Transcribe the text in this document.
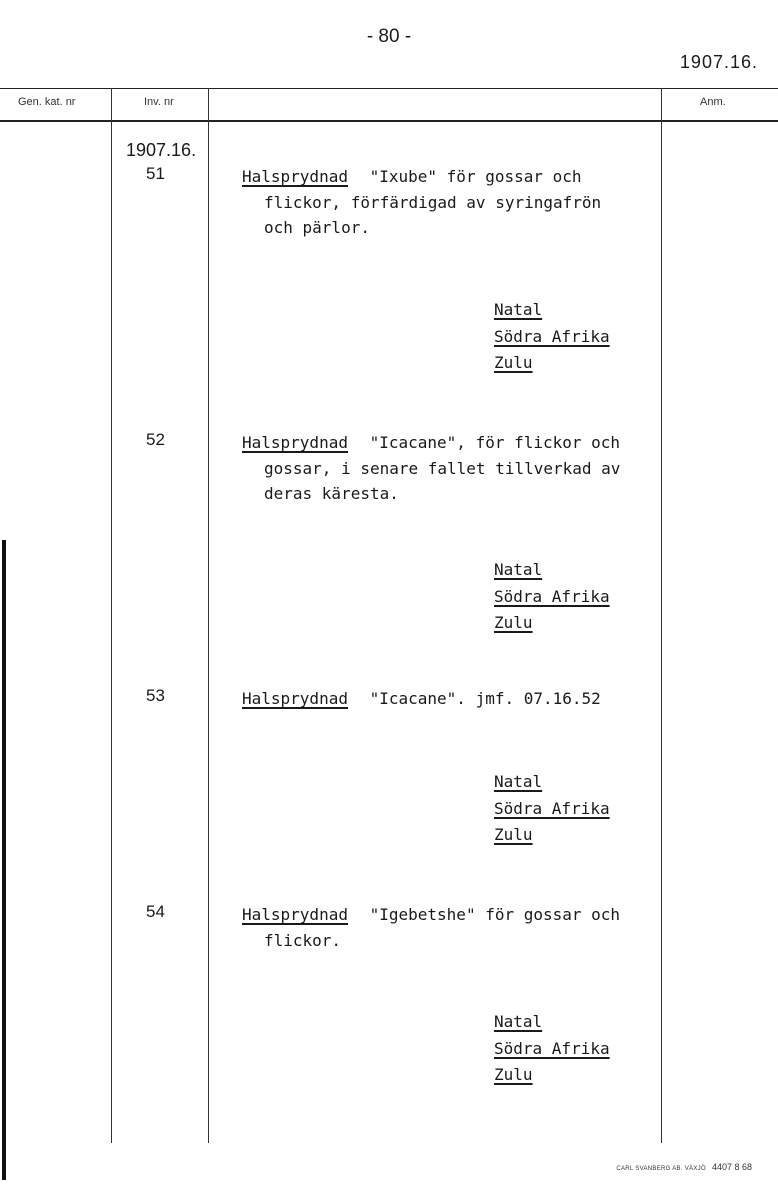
- 80 -
1907.16.
Gen. kat. nr	Inv. nr	Anm.
1907.16.
51	Halsprydnad "Ixube" för gossar och
flickor, förfärdigad av syringafrön
och pärlor.
Natal
Södra Afrika
Zulu
52	Halsprydnad "Icacane", för flickor och
gossar, i senare fallet tillverkad av
deras käresta.
Natal
Södra Afrika
Zulu
53	Halsprydnad "Icacane". jmf. 07.16.52
Natal
Södra Afrika
Zulu
54	Halsprydnad "Igebetshe" för gossar och
flickor.
Natal
Södra Afrika
Zulu
CARL SVANBERG AB. VÄXJÖ 4407 8 68
